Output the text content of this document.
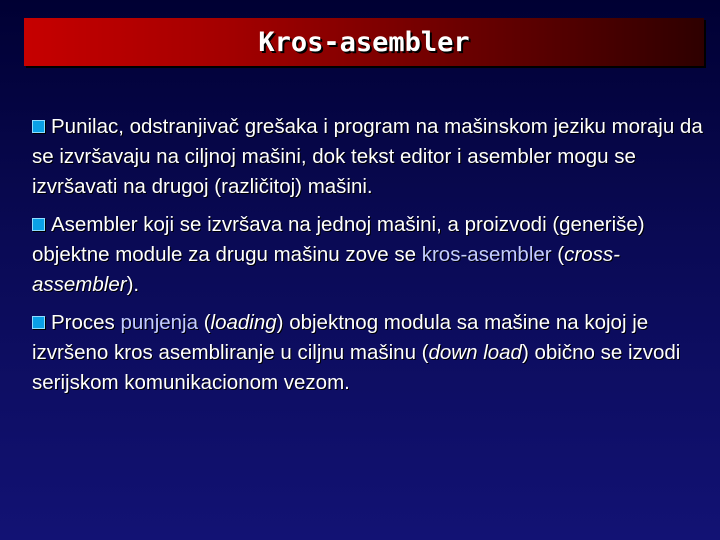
Kros-asembler

Punilac, odstranjivač grešaka i program na mašinskom jeziku moraju da se izvršavaju na ciljnoj mašini, dok tekst editor i asembler mogu se izvršavati na drugoj (različitoj) mašini.

Asembler koji se izvršava na jednoj mašini, a proizvodi (generiše) objektne module za drugu mašinu zove se kros-asembler (cross-assembler).

Proces punjenja (loading) objektnog modula sa mašine na kojoj je izvršeno kros asembliranje u ciljnu mašinu (down load) obično se izvodi serijskom komunikacionom vezom.
